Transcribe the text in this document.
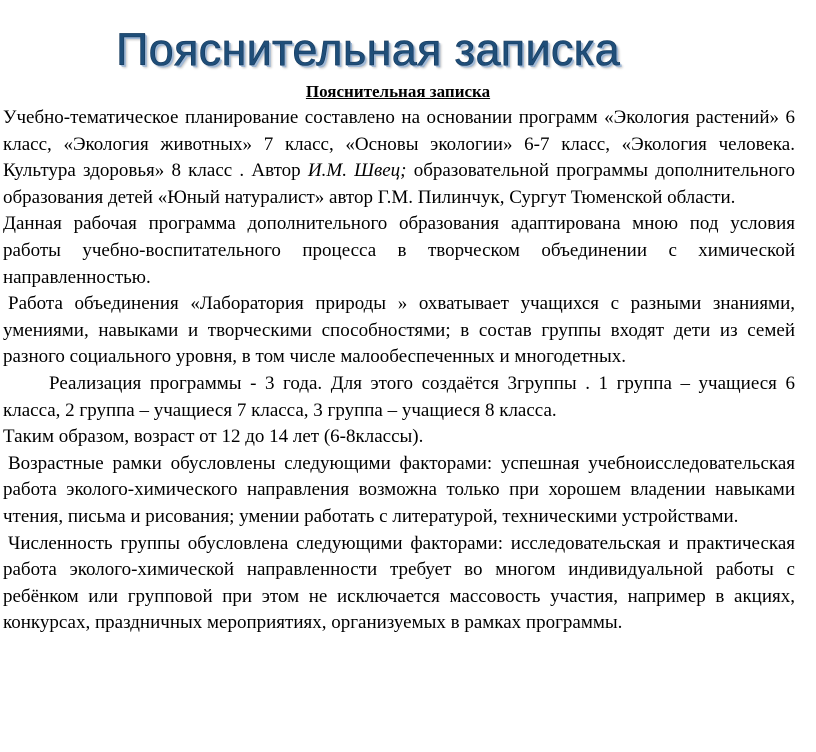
Пояснительная записка
Пояснительная записка

Учебно-тематическое планирование составлено на основании программ «Экология растений» 6 класс, «Экология животных» 7 класс, «Основы экологии» 6-7 класс, «Экология человека. Культура здоровья» 8 класс . Автор И.М. Швец; образовательной программы дополнительного образования детей «Юный натуралист» автор Г.М. Пилинчук, Сургут Тюменской области.

Данная рабочая программа дополнительного образования адаптирована мною под условия работы учебно-воспитательного процесса в творческом объединении с химической направленностью.

Работа объединения «Лаборатория природы » охватывает учащихся с разными знаниями, умениями, навыками и творческими способностями; в состав группы входят дети из семей разного социального уровня, в том числе малообеспеченных и многодетных.

Реализация программы - 3 года. Для этого создаётся 3группы . 1 группа – учащиеся 6 класса, 2 группа – учащиеся 7 класса, 3 группа – учащиеся 8 класса.

Таким образом, возраст от 12 до 14 лет (6-8классы).

Возрастные рамки обусловлены следующими факторами: успешная учебноисследовательская работа эколого-химического направления возможна только при хорошем владении навыками чтения, письма и рисования; умении работать с литературой, техническими устройствами.

Численность группы обусловлена следующими факторами: исследовательская и практическая работа эколого-химической направленности требует во многом индивидуальной работы с ребёнком или групповой при этом не исключается массовость участия, например в акциях, конкурсах, праздничных мероприятиях, организуемых в рамках программы.
